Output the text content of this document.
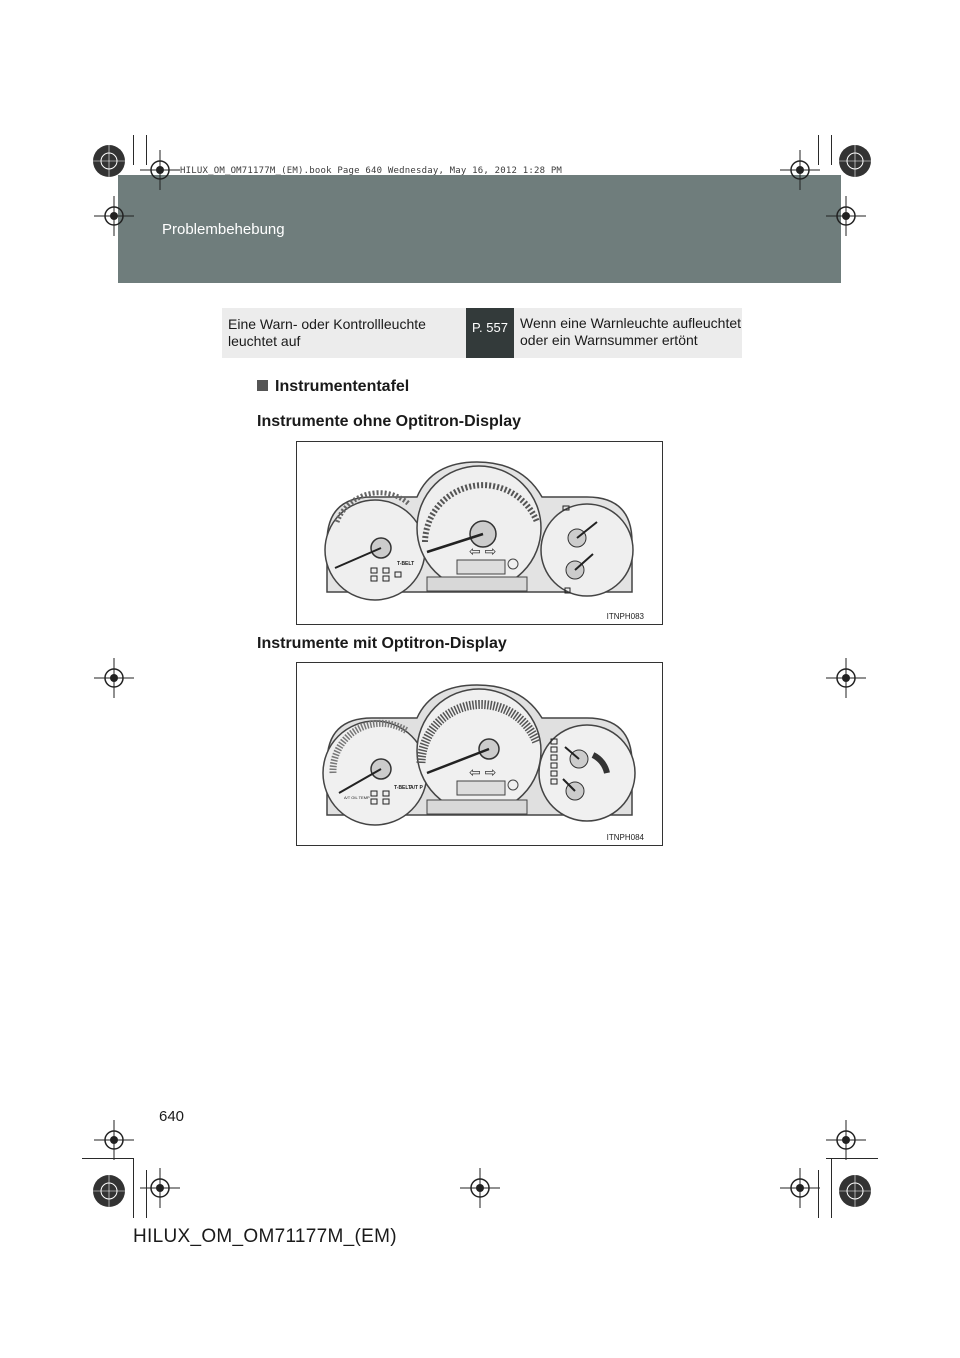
Problembehebung
HILUX_OM_OM71177M_(EM).book Page 640 Wednesday, May 16, 2012 1:28 PM
Eine Warn- oder Kontrollleuchte leuchtet auf
P. 557 Wenn eine Warnleuchte aufleuchtet oder ein Warnsummer ertönt
Instrumententafel
Instrumente ohne Optitron-Display
⇦ ⇨
T-BELT
ITNPH083
Instrumente mit Optitron-Display
⇦ ⇨
T-BELT
A/T P
A/T OIL TEMP
ITNPH084
640
HILUX_OM_OM71177M_(EM)
